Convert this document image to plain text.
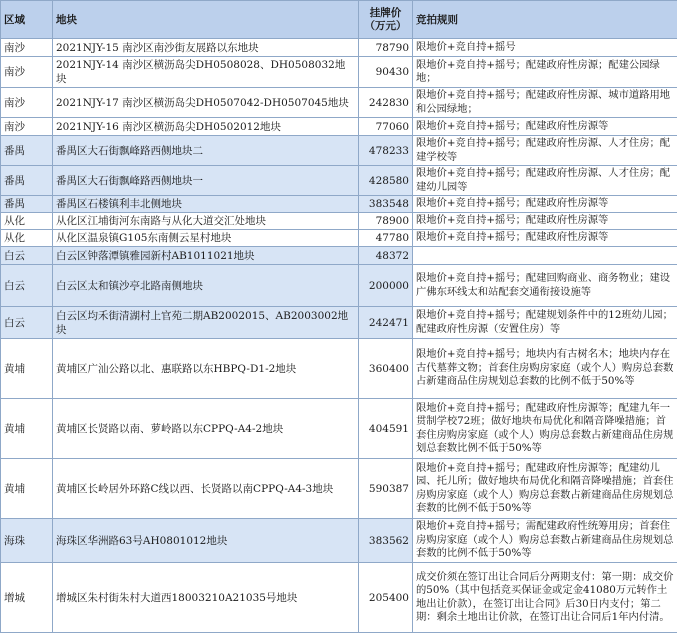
区域	地块	挂牌价（万元）	竞拍规则
南沙	2021NJY-15 南沙区南沙街友展路以东地块	78790	限地价+竞自持+摇号
南沙	2021NJY-14 南沙区横沥岛尖DH0508028、DH0508032地块	90430	限地价+竞自持+摇号；配建政府性房源；配建公园绿地；
南沙	2021NJY-17 南沙区横沥岛尖DH0507042-DH0507045地块	242830	限地价+竞自持+摇号；配建政府性房源、城市道路用地和公园绿地；
南沙	2021NJY-16 南沙区横沥岛尖DH0502012地块	77060	限地价+竞自持+摇号；配建政府性房源等
番禺	番禺区大石街飘峰路西侧地块二	478233	限地价+竞自持+摇号；配建政府性房源、人才住房；配建学校等
番禺	番禺区大石街飘峰路西侧地块一	428580	限地价+竞自持+摇号；配建政府性房源、人才住房；配建幼儿园等
番禺	番禺区石楼镇利丰北侧地块	383548	限地价+竞自持+摇号；配建政府性房源等
从化	从化区江埔街河东南路与从化大道交汇处地块	78900	限地价+竞自持+摇号；配建政府性房源等
从化	从化区温泉镇G105东南侧云星村地块	47780	限地价+竞自持+摇号；配建政府性房源等
白云	白云区钟落潭镇雅园新村AB1011021地块	48372	
白云	白云区太和镇沙亭北路南侧地块	200000	限地价+竞自持+摇号；配建回购商业、商务物业；建设广佛东环线太和站配套交通衔接设施等
白云	白云区均禾街清湖村上官苑二期AB2002015、AB2003002地块	242471	限地价+竞自持+摇号；配建规划条件中的12班幼儿园；配建政府性房源（安置住房）等
黄埔	黄埔区广汕公路以北、惠联路以东HBPQ-D1-2地块	360400	限地价+竞自持+摇号；地块内有古树名木；地块内存在古代墓葬文物；首套住房购房家庭（或个人）购房总套数占新建商品住房规划总套数的比例不低于50%等
黄埔	黄埔区长贤路以南、萝岭路以东CPPQ-A4-2地块	404591	限地价+竞自持+摇号；配建政府性房源等；配建九年一贯制学校72班；做好地块布局优化和隔音降噪措施；首套住房购房家庭（或个人）购房总套数占新建商品住房规划总套数比例不低于50%等
黄埔	黄埔区长岭居外环路C线以西、长贤路以南CPPQ-A4-3地块	590387	限地价+竞自持+摇号；配建政府性房源等；配建幼儿园、托儿所；做好地块布局优化和隔音降噪措施；首套住房购房家庭（或个人）购房总套数占新建商品住房规划总套数的比例不低于50%等
海珠	海珠区华洲路63号AH0801012地块	383562	限地价+竞自持+摇号；需配建政府性统筹用房；首套住房购房家庭（或个人）购房总套数占新建商品住房规划总套数的比例不低于50%等
增城	增城区朱村街朱村大道西18003210A21035号地块	205400	成交价须在签订出让合同后分两期支付：第一期：成交价的50%（其中包括竞买保证金或定金41080万元转作土地出让价款），在签订出让合同》后30日内支付；第二期：剩余土地出让价款，在签订出让合同后1年内付清。
